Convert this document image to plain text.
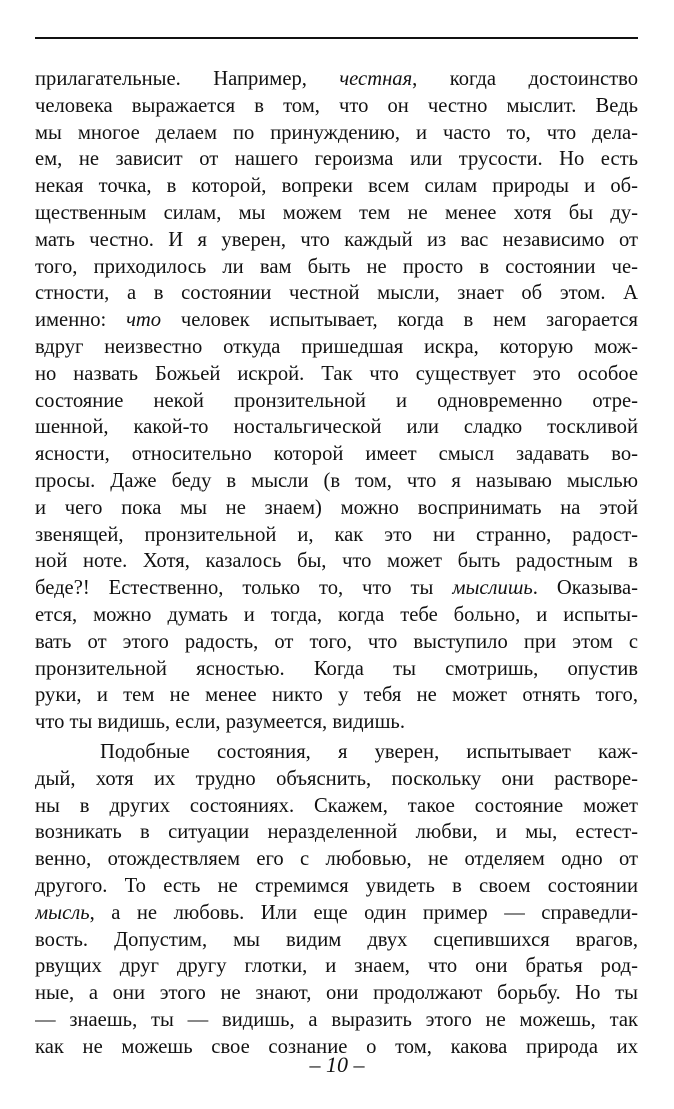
прилагательные. Например, честная, когда достоинство
человека выражается в том, что он честно мыслит. Ведь
мы многое делаем по принуждению, и часто то, что дела-
ем, не зависит от нашего героизма или трусости. Но есть
некая точка, в которой, вопреки всем силам природы и об-
щественным силам, мы можем тем не менее хотя бы ду-
мать честно. И я уверен, что каждый из вас независимо от
того, приходилось ли вам быть не просто в состоянии че-
стности, а в состоянии честной мысли, знает об этом. А
именно: что человек испытывает, когда в нем загорается
вдруг неизвестно откуда пришедшая искра, которую мож-
но назвать Божьей искрой. Так что существует это особое
состояние некой пронзительной и одновременно отре-
шенной, какой-то ностальгической или сладко тоскливой
ясности, относительно которой имеет смысл задавать во-
просы. Даже беду в мысли (в том, что я называю мыслью
и чего пока мы не знаем) можно воспринимать на этой
звенящей, пронзительной и, как это ни странно, радост-
ной ноте. Хотя, казалось бы, что может быть радостным в
беде?! Естественно, только то, что ты мыслишь. Оказыва-
ется, можно думать и тогда, когда тебе больно, и испыты-
вать от этого радость, от того, что выступило при этом с
пронзительной ясностью. Когда ты смотришь, опустив
руки, и тем не менее никто у тебя не может отнять того,
что ты видишь, если, разумеется, видишь.
Подобные состояния, я уверен, испытывает каж-
дый, хотя их трудно объяснить, поскольку они растворе-
ны в других состояниях. Скажем, такое состояние может
возникать в ситуации неразделенной любви, и мы, естест-
венно, отождествляем его с любовью, не отделяем одно от
другого. То есть не стремимся увидеть в своем состоянии
мысль, а не любовь. Или еще один пример — справедли-
вость. Допустим, мы видим двух сцепившихся врагов,
рвущих друг другу глотки, и знаем, что они братья род-
ные, а они этого не знают, они продолжают борьбу. Но ты
— знаешь, ты — видишь, а выразить этого не можешь, так
как не можешь свое сознание о том, какова природа их
– 10 –
